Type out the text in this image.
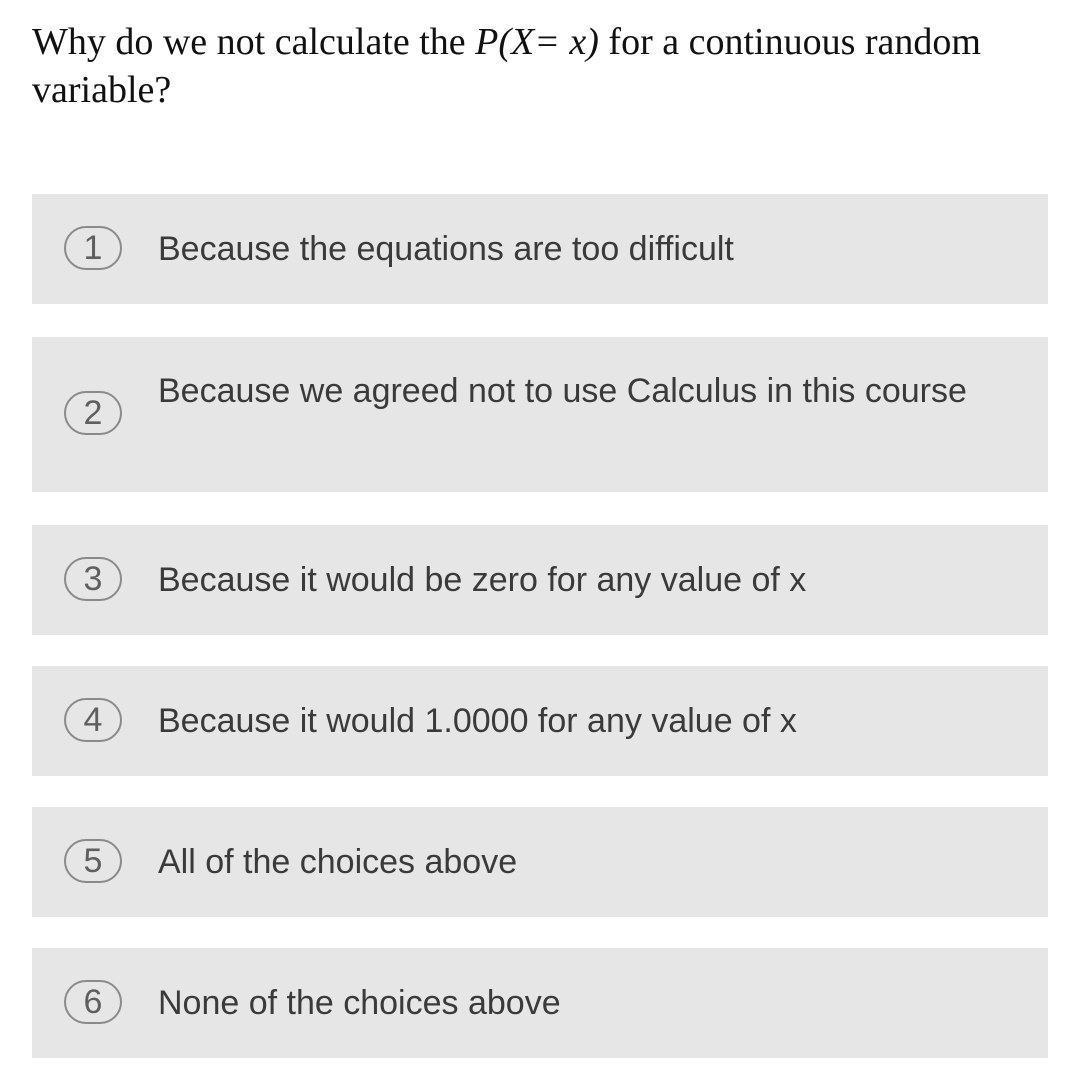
Why do we not calculate the P(X= x) for a continuous random variable?
1	Because the equations are too difficult
2
Because we agreed not to use Calculus in this course
3	Because it would be zero for any value of x
4	Because it would 1.0000 for any value of x
5	All of the choices above
6	None of the choices above
